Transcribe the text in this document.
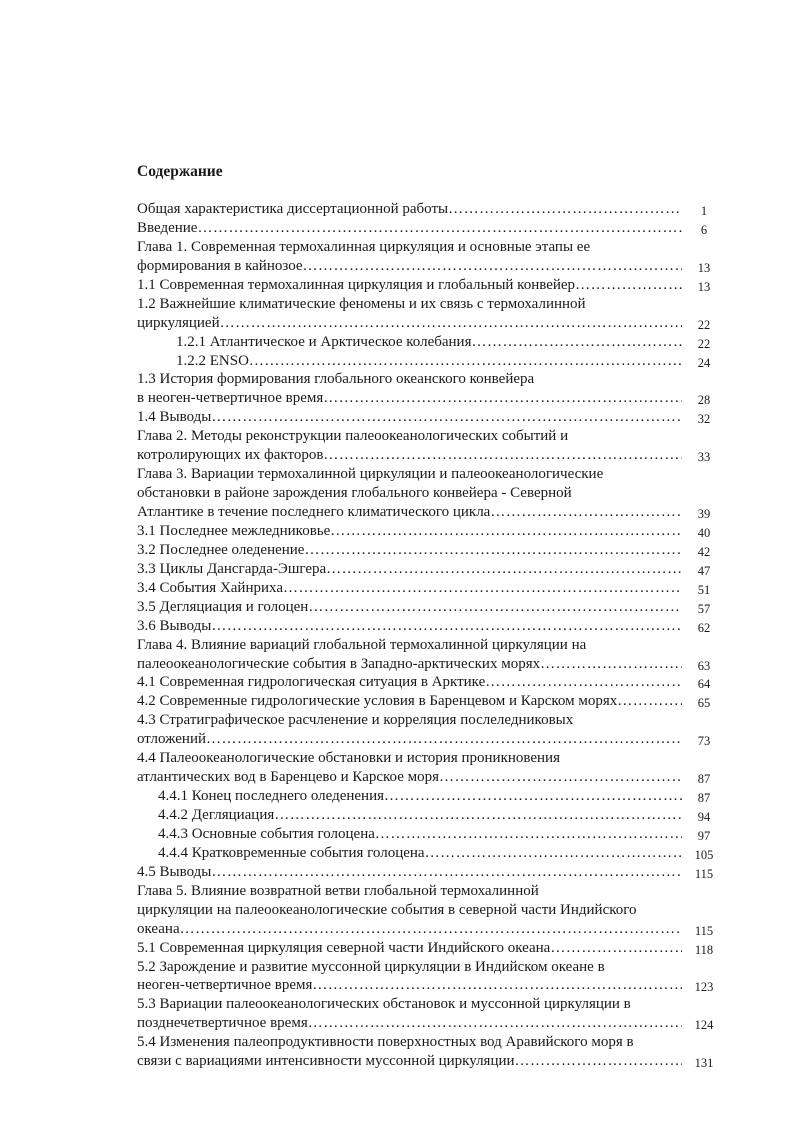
Содержание
Общая характеристика диссертационной работы …………………………………………………………………………………………………………………………………………………………	1
Введение …………………………………………………………………………………………………………………………………………………………	6
Глава 1. Современная термохалинная циркуляция и основные этапы ее
формирования в кайнозое …………………………………………………………………………………………………………………………………………………………	13
1.1 Современная термохалинная циркуляция и глобальный конвейер …………………………………………………………………………………………………………………………………………………………	13
1.2 Важнейшие климатические феномены и их связь с термохалинной
циркуляцией …………………………………………………………………………………………………………………………………………………………	22
1.2.1 Атлантическое и Арктическое колебания …………………………………………………………………………………………………………………………………………………………	22
1.2.2 ENSO …………………………………………………………………………………………………………………………………………………………	24
1.3 История формирования глобального океанского конвейера
в неоген-четвертичное время …………………………………………………………………………………………………………………………………………………………	28
1.4 Выводы …………………………………………………………………………………………………………………………………………………………	32
Глава 2. Методы реконструкции палеоокеанологических событий и
котролирующих их факторов …………………………………………………………………………………………………………………………………………………………	33
Глава 3. Вариации термохалинной циркуляции и палеоокеанологические
обстановки в районе зарождения глобального конвейера - Северной
Атлантике в течение последнего климатического цикла …………………………………………………………………………………………………………………………………………………………	39
3.1 Последнее межледниковье …………………………………………………………………………………………………………………………………………………………	40
3.2 Последнее оледенение …………………………………………………………………………………………………………………………………………………………	42
3.3 Циклы Дансгарда-Эшгера …………………………………………………………………………………………………………………………………………………………	47
3.4 События Хайнриха …………………………………………………………………………………………………………………………………………………………	51
3.5 Дегляциация и голоцен …………………………………………………………………………………………………………………………………………………………	57
3.6 Выводы …………………………………………………………………………………………………………………………………………………………	62
Глава 4. Влияние вариаций глобальной термохалинной циркуляции на
палеоокеанологические события в Западно-арктических морях …………………………………………………………………………………………………………………………………………………………	63
4.1 Современная гидрологическая ситуация в Арктике …………………………………………………………………………………………………………………………………………………………	64
4.2 Современные гидрологические условия в Баренцевом и Карском морях …………………………………………………………………………………………………………………………………………………………	65
4.3 Стратиграфическое расчленение и корреляция послеледниковых
отложений …………………………………………………………………………………………………………………………………………………………	73
4.4 Палеоокеанологические обстановки и история проникновения
атлантических вод в Баренцево и Карское моря …………………………………………………………………………………………………………………………………………………………	87
4.4.1 Конец последнего оледенения …………………………………………………………………………………………………………………………………………………………	87
4.4.2 Дегляциация …………………………………………………………………………………………………………………………………………………………	94
4.4.3 Основные события голоцена …………………………………………………………………………………………………………………………………………………………	97
4.4.4 Кратковременные события голоцена …………………………………………………………………………………………………………………………………………………………	105
4.5 Выводы …………………………………………………………………………………………………………………………………………………………	115
Глава 5. Влияние возвратной ветви глобальной термохалинной
циркуляции на палеоокеанологические события в северной части Индийского
океана …………………………………………………………………………………………………………………………………………………………	115
5.1 Современная циркуляция северной части Индийского океана …………………………………………………………………………………………………………………………………………………………	118
5.2 Зарождение и развитие муссонной циркуляции в Индийском океане в
неоген-четвертичное время …………………………………………………………………………………………………………………………………………………………	123
5.3 Вариации палеоокеанологических обстановок и муссонной циркуляции в
позднечетвертичное время …………………………………………………………………………………………………………………………………………………………	124
5.4 Изменения палеопродуктивности поверхностных вод Аравийского моря в
связи с вариациями интенсивности муссонной циркуляции …………………………………………………………………………………………………………………………………………………………	131
